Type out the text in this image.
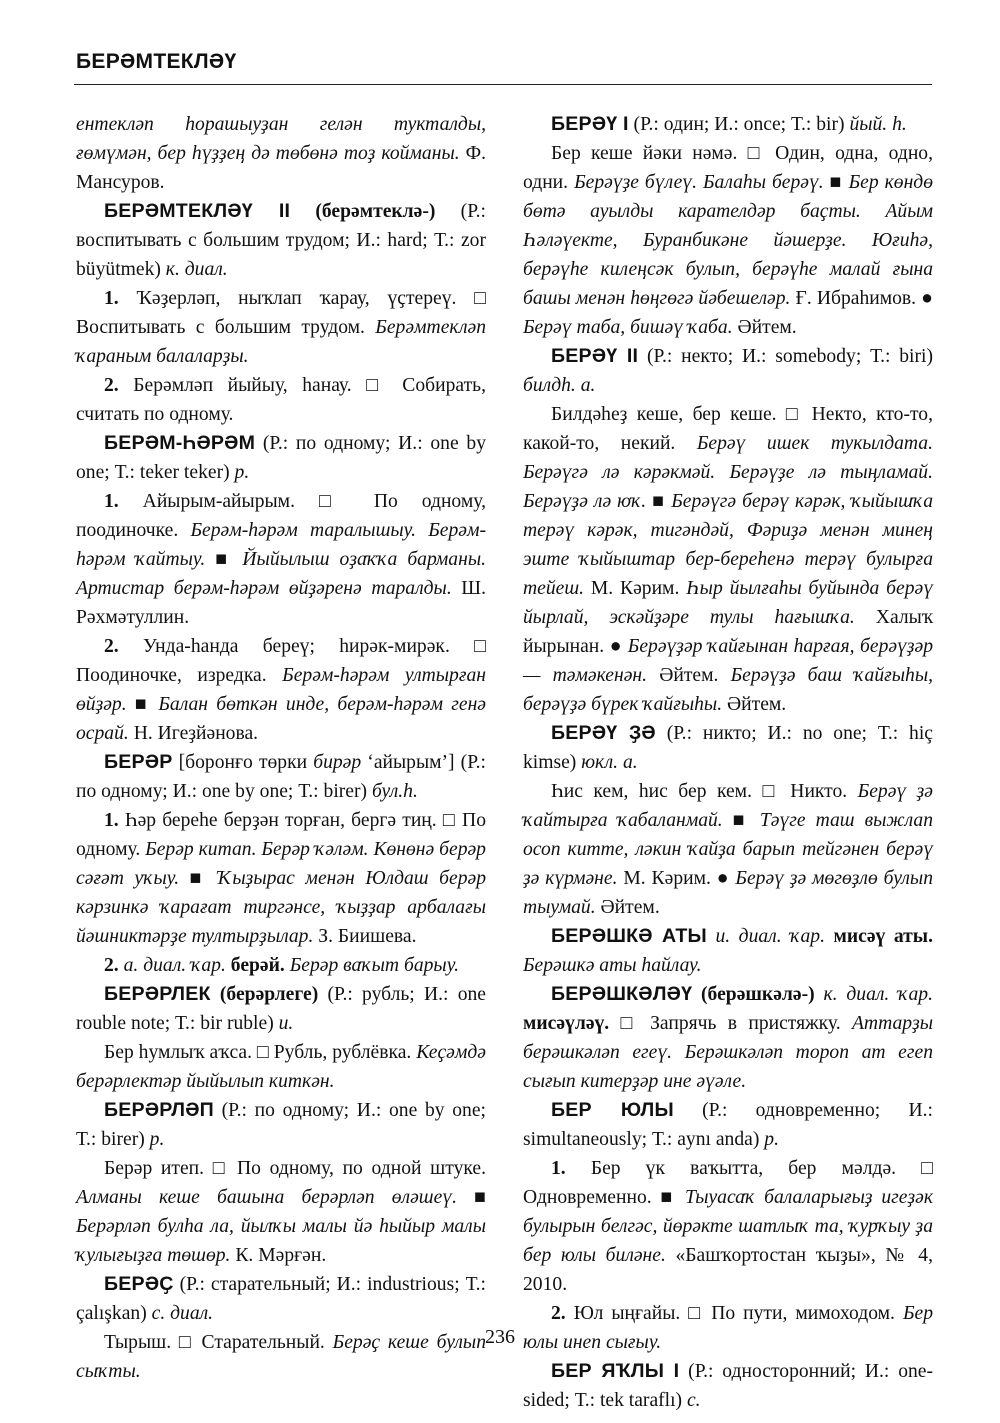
БЕРӘМТЕКЛӘҮ

ентеклəп һорашыуҙан гелəн тукталды, ғөмүмəн, бер һүҙҙең дə төбөнə тоҙ койманы. Ф. Мансуров.

БЕРӘМТЕКЛӘҮ II (берəмтеклə-) (Р.: воспитывать с большим трудом; И.: hard; Т.: zor büyütmek) к. диал.

1. Ҡəҙерлəп, ныҡлап ҡарау, үҫтереү. □ Воспитывать с большим трудом. Берəмтеклəп ҡараным балаларҙы.

2. Берəмлəп йыйыу, һанау. □ Собирать, считать по одному.

БЕРӘМ-ҺӘРӘМ (Р.: по одному; И.: one by one; Т.: teker teker) р.

1. Айырым-айырым. □ По одному, поодиночке. Берəм-һəрəм таралышыу. Берəм-һəрəм ҡайтыу. ■ Йыйылыш оҙаҡҡа барманы. Артистар берəм-һəрəм өйҙəренə таралды. Ш. Рəхмəтуллин.

2. Унда-һанда береү; һирəк-мирəк. □ Поодиночке, изредка. Берəм-һəрəм ултырған өйҙəр. ■ Балан бөткəн инде, берəм-һəрəм генə осрай. Н. Игеҙйəнова.

БЕРӘР [боронғо төрки бирəр ‘айырым’] (Р.: по одному; И.: one by one; Т.: birer) бул.h.

1. Һəр береһе берҙəн торған, бергə тиң. □ По одному. Берəр китап. Берəр ҡəлəм. Көнөнə берəр сəғəт уҡыу. ■ Ҡыҙырас менəн Юлдаш берəр кəрзинкə ҡарағат тиргəнсе, ҡыҙҙар арбалағы йəшниктəрҙе тултырҙылар. З. Биишева.

2. а. диал. ҡар. берəй. Берəр ваҡыт барыу.

БЕРӘРЛЕК (берəрлеге) (Р.: рубль; И.: one rouble note; Т.: bir ruble) и.

Бер һумлыҡ аҡса. □ Рубль, рублёвка. Кеҫəмдə берəрлектəр йыйылып киткəн.

БЕРӘРЛӘП (Р.: по одному; И.: one by one; Т.: birer) р.

Берəр итеп. □ По одному, по одной штуке. Алманы кеше башына берəрлəп өлəшеү. ■ Берəрлəп булһа ла, йылҡы малы йə һыйыр малы ҡулығыҙға төшөр. К. Мəрғəн.

БЕРӘҪ (Р.: старательный; И.: industrious; Т.: çalışkan) с. диал.

Тырыш. □ Старательный. Берəҫ кеше булып сыҡты.

БЕРӘҮ I (Р.: один; И.: once; Т.: bir) йый. h.

Бер кеше йəки нəмə. □ Один, одна, одно, одни. Берəүҙе бүлеү. Балаһы берəү. ■ Бер көндө бөтə ауылды карателдəр баҫты. Айым Һəлəүекте, Буранбикəне йəшерҙе. Юғиһə, берəүһе килеңсəк булып, берəүһе малай ғына башы менəн һөңгөгə йəбешелəр. Ғ. Ибраһимов. ● Берəү таба, бишəү ҡаба. Әйтем.

БЕРӘҮ II (Р.: некто; И.: somebody; Т.: biri) билдh. а.

Билдəһеҙ кеше, бер кеше. □ Некто, кто-то, какой-то, некий. Берəү ишек тукылдата. Берəүгə лə кəрəкмəй. Берəүҙе лə тыңламай. Берəүҙə лə юҡ. ■ Берəүгə берəү кəрəк, ҡыйышҡа терəү кəрəк, тигəндəй, Фəриҙə менəн минең эште ҡыйыштар бер-береһенə терəү булырға тейеш. М. Кəрим. Һыр йылғаһы буйында берəү йырлай, эскəйҙəре тулы һағышҡа. Халыҡ йырынан. ● Берəүҙəр ҡайғынан һарғая, берəүҙəр — тəмəкенəн. Әйтем. Берəүҙə баш ҡайғыһы, берəүҙə бүрек ҡайғыһы. Әйтем.

БЕРӘҮ ҘӘ (Р.: никто; И.: no one; Т.: hiç kimse) юкл. а.

Һис кем, һис бер кем. □ Никто. Берəү ҙə ҡайтырға ҡабаланмай. ■ Тəүге таш выжлап осоп китте, лəкин ҡайҙа барып тейгəнен берəү ҙə күрмəне. М. Кəрим. ● Берəү ҙə мөгөҙлө булып тыумай. Әйтем.

БЕРӘШКӘ АТЫ и. диал. ҡар. мисəү аты. Берəшкə аты һайлау.

БЕРӘШКӘЛӘҮ (берəшкəлə-) к. диал. ҡар. мисəүлəү. □ Запрячь в пристяжку. Аттарҙы берəшкəлəп егеү. Берəшкəлəп тороп ат егеп сығып китерҙəр ине əүəле.

БЕР ЮЛЫ (Р.: одновременно; И.: simultaneously; Т.: aynı anda) р.

1. Бер үк ваҡытта, бер мəлдə. □ Одновременно. ■ Тыуасаҡ балаларығыҙ игеҙəк булырын белгəс, йөрəкте шатлыҡ та, ҡурҡыу ҙа бер юлы биләне. «Башҡортостан ҡыҙы», № 4, 2010.

2. Юл ыңғайы. □ По пути, мимоходом. Бер юлы инеп сығыу.

БЕР ЯҠЛЫ I (Р.: односторонний; И.: one-sided; Т.: tek taraflı) с.

236
